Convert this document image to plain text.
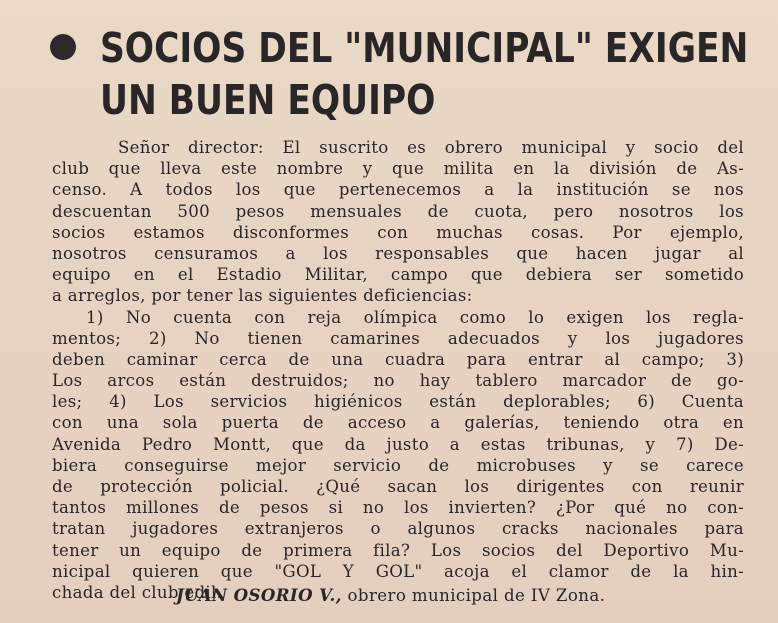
SOCIOS DEL "MUNICIPAL" EXIGEN
UN BUEN EQUIPO
Señor director: El suscrito es obrero municipal y socio del
club que lleva este nombre y que milita en la división de As-
censo. A todos los que pertenecemos a la institución se nos
descuentan 500 pesos mensuales de cuota, pero nosotros los
socios estamos disconformes con muchas cosas. Por ejemplo,
nosotros censuramos a los responsables que hacen jugar al
equipo en el Estadio Militar, campo que debiera ser sometido
a arreglos, por tener las siguientes deficiencias:
1) No cuenta con reja olímpica como lo exigen los regla-
mentos; 2) No tienen camarines adecuados y los jugadores
deben caminar cerca de una cuadra para entrar al campo; 3)
Los arcos están destruidos; no hay tablero marcador de go-
les; 4) Los servicios higiénicos están deplorables; 6) Cuenta
con una sola puerta de acceso a galerías, teniendo otra en
Avenida Pedro Montt, que da justo a estas tribunas, y 7) De-
biera conseguirse mejor servicio de microbuses y se carece
de protección policial. ¿Qué sacan los dirigentes con reunir
tantos millones de pesos si no los invierten? ¿Por qué no con-
tratan jugadores extranjeros o algunos cracks nacionales para
tener un equipo de primera fila? Los socios del Deportivo Mu-
nicipal quieren que "GOL Y GOL" acoja el clamor de la hin-
chada del club edil.
JUAN OSORIO V., obrero municipal de IV Zona.
